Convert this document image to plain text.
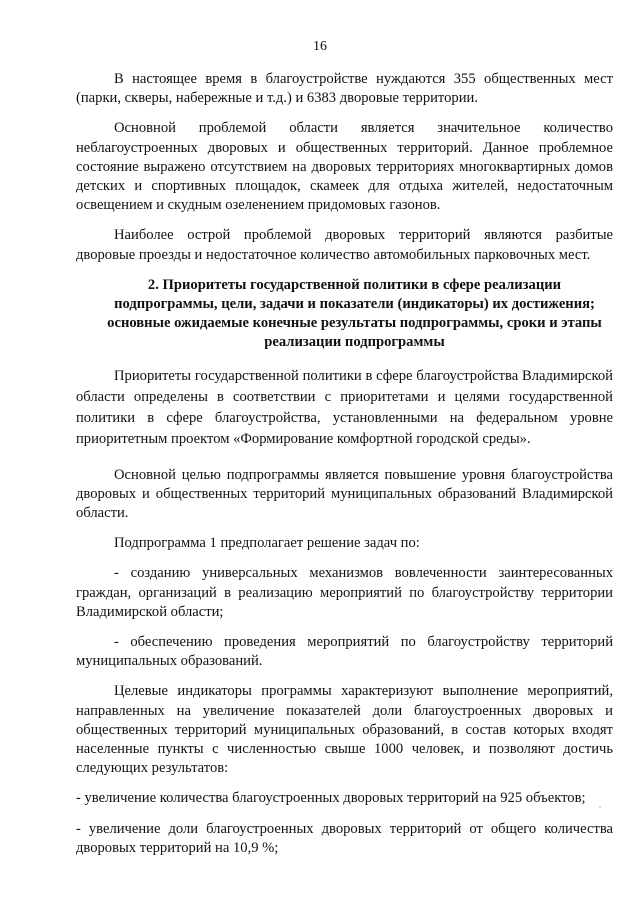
16

В настоящее время в благоустройстве нуждаются 355 общественных мест (парки, скверы, набережные и т.д.) и 6383 дворовые территории.

Основной проблемой области является значительное количество неблагоустроенных дворовых и общественных территорий. Данное проблемное состояние выражено отсутствием на дворовых территориях многоквартирных домов детских и спортивных площадок, скамеек для отдыха жителей, недостаточным освещением и скудным озеленением придомовых газонов.

Наиболее острой проблемой дворовых территорий являются разбитые дворовые проезды и недостаточное количество автомобильных парковочных мест.

2. Приоритеты государственной политики в сфере реализации подпрограммы, цели, задачи и показатели (индикаторы) их достижения; основные ожидаемые конечные результаты подпрограммы, сроки и этапы реализации подпрограммы

Приоритеты государственной политики в сфере благоустройства Владимирской области определены в соответствии с приоритетами и целями государственной политики в сфере благоустройства, установленными на федеральном уровне приоритетным проектом «Формирование комфортной городской среды».

Основной целью подпрограммы является повышение уровня благоустройства дворовых и общественных территорий муниципальных образований Владимирской области.

Подпрограмма 1 предполагает решение задач по:

- созданию универсальных механизмов вовлеченности заинтересованных граждан, организаций в реализацию мероприятий по благоустройству территории Владимирской области;

- обеспечению проведения мероприятий по благоустройству территорий муниципальных образований.

Целевые индикаторы программы характеризуют выполнение мероприятий, направленных на увеличение показателей доли благоустроенных дворовых и общественных территорий муниципальных образований, в состав которых входят населенные пункты с численностью свыше 1000 человек, и позволяют достичь следующих результатов:

- увеличение количества благоустроенных дворовых территорий на 925 объектов;

- увеличение доли благоустроенных дворовых территорий от общего количества дворовых территорий на 10,9 %;
